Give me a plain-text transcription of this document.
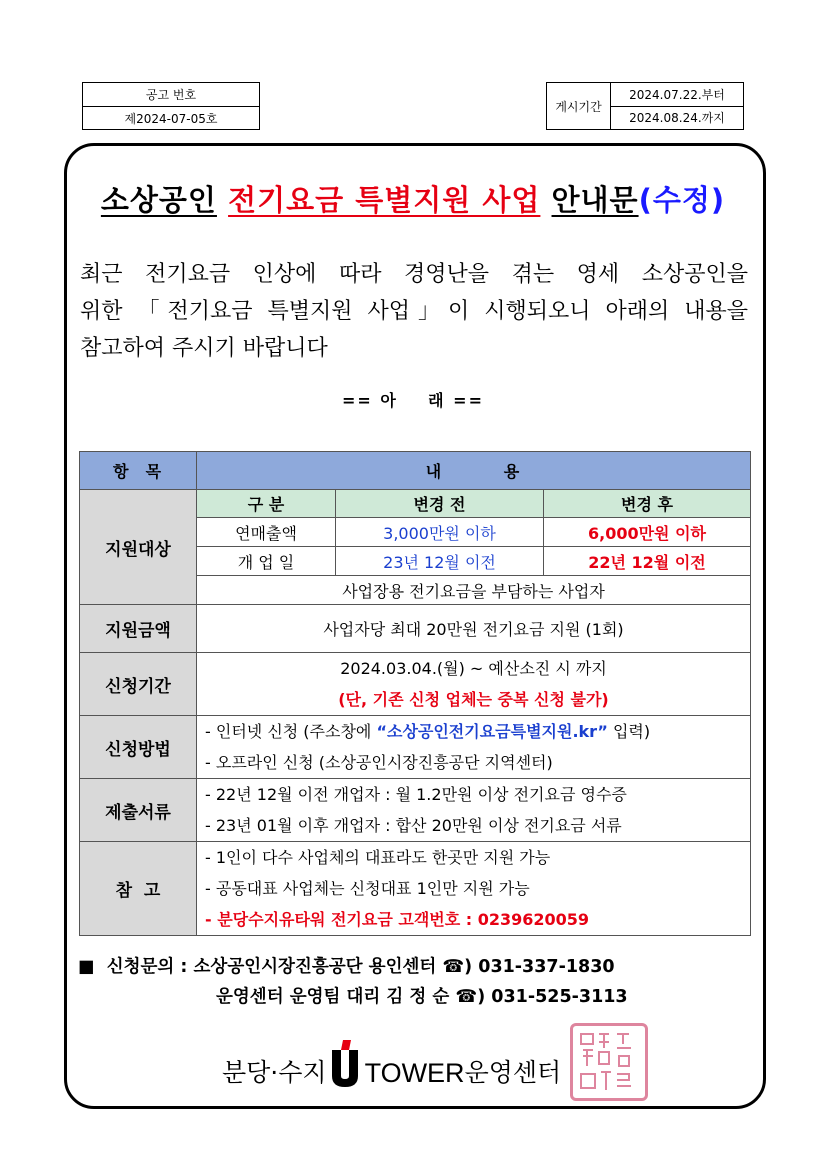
공고 번호
제2024-07-05호
게시기간
2024.07.22.부터
2024.08.24.까지
소상공인 전기요금 특별지원 사업 안내문(수정)
최근 전기요금 인상에 따라 경영난을 겪는 영세 소상공인을
위한 「전기요금 특별지원 사업」이 시행되오니 아래의 내용을
참고하여 주시기 바랍니다
== 아    래 ==
항  목	내        용		
지원대상	구 분	변경 전	변경 후
	연매출액	3,000만원 이하	6,000만원 이하
	개 업 일	23년 12월 이전	22년 12월 이전
	사업장용 전기요금을 부담하는 사업자		
지원금액	사업자당 최대 20만원 전기요금 지원 (1회)		
신청기간	2024.03.04.(월) ~ 예산소진 시 까지
(단, 기존 신청 업체는 중복 신청 불가)		

신청방법	- 인터넷 신청 (주소창에 “소상공인전기요금특별지원.kr” 입력)
- 오프라인 신청 (소상공인시장진흥공단 지역센터)		

제출서류	- 22년 12월 이전 개업자 : 월 1.2만원 이상 전기요금 영수증
- 23년 01월 이후 개업자 : 합산 20만원 이상 전기요금 서류		

참  고	- 1인이 다수 사업체의 대표라도 한곳만 지원 가능
- 공동대표 사업체는 신청대표 1인만 지원 가능
- 분당수지유타워 전기요금 고객번호 : 0239620059		
■  신청문의 : 소상공인시장진흥공단 용인센터 ☎) 031-337-1830
운영센터 운영팀 대리 김 정 순 ☎) 031-525-3113
분당·수지 TOWER 운영센터
